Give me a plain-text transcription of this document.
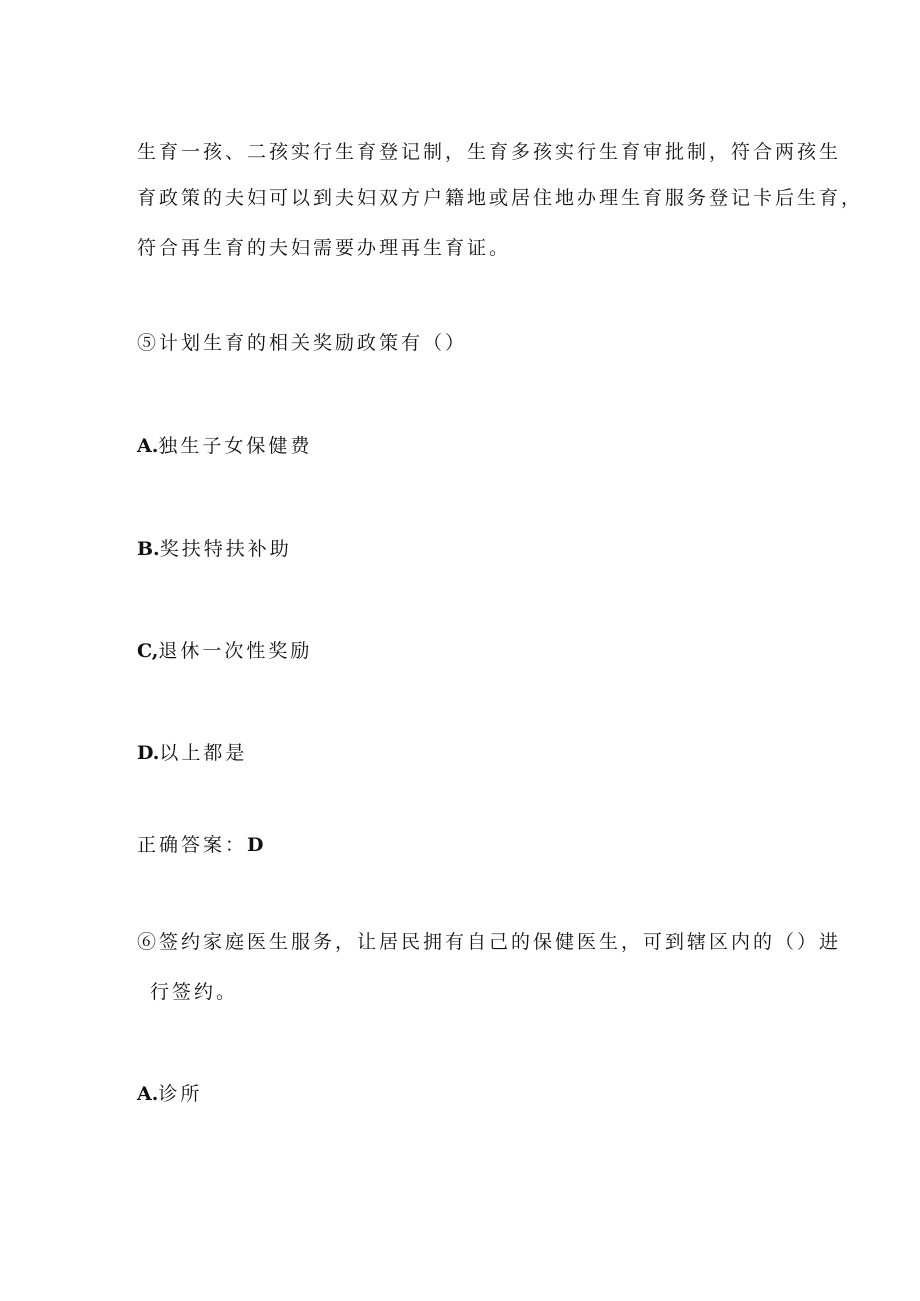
生育一孩、二孩实行生育登记制，生育多孩实行生育审批制，符合两孩生
育政策的夫妇可以到夫妇双方户籍地或居住地办理生育服务登记卡后生育，
符合再生育的夫妇需要办理再生育证。
⑤计划生育的相关奖励政策有（）
A.独生子女保健费
B.奖扶特扶补助
C,退休一次性奖励
D.以上都是
正确答案：D
⑥签约家庭医生服务，让居民拥有自己的保健医生，可到辖区内的（）进
行签约。
A.诊所
